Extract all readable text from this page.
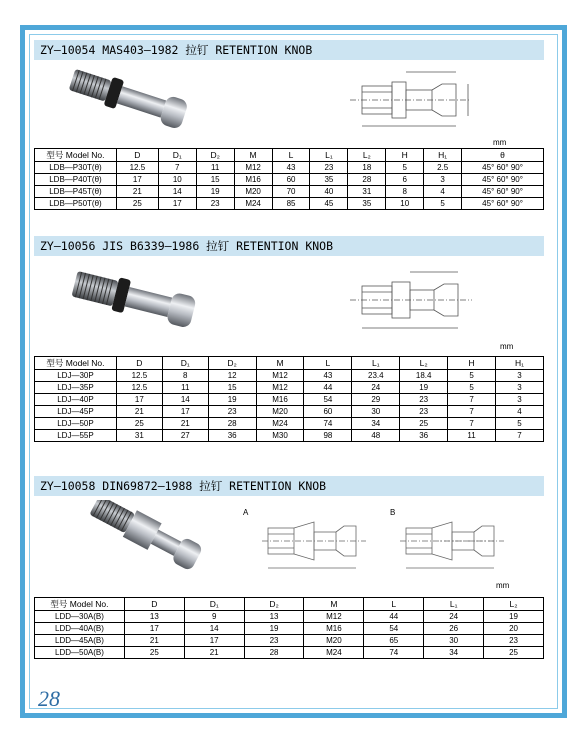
ZY—10054 MAS403—1982 拉钉 RETENTION KNOB
mm
型号 Model No.	D	D₁	D₂	M	L	L₁	L₂	H	H₁	θ
LDB—P30T(θ)	12.5	7	11	M12	43	23	18	5	2.5	45° 60° 90°
LDB—P40T(θ)	17	10	15	M16	60	35	28	6	3	45° 60° 90°
LDB—P45T(θ)	21	14	19	M20	70	40	31	8	4	45° 60° 90°
LDB—P50T(θ)	25	17	23	M24	85	45	35	10	5	45° 60° 90°
ZY—10056 JIS B6339—1986 拉钉 RETENTION KNOB
mm
型号 Model No.	D	D₁	D₂	M	L	L₁	L₂	H	H₁
LDJ—30P	12.5	8	12	M12	43	23.4	18.4	5	3
LDJ—35P	12.5	11	15	M12	44	24	19	5	3
LDJ—40P	17	14	19	M16	54	29	23	7	3
LDJ—45P	21	17	23	M20	60	30	23	7	4
LDJ—50P	25	21	28	M24	74	34	25	7	5
LDJ—55P	31	27	36	M30	98	48	36	11	7
ZY—10058 DIN69872—1988 拉钉 RETENTION KNOB
A	B
mm
型号 Model No.	D	D₁	D₂	M	L	L₁	L₂
LDD—30A(B)	13	9	13	M12	44	24	19
LDD—40A(B)	17	14	19	M16	54	26	20
LDD—45A(B)	21	17	23	M20	65	30	23
LDD—50A(B)	25	21	28	M24	74	34	25
28
